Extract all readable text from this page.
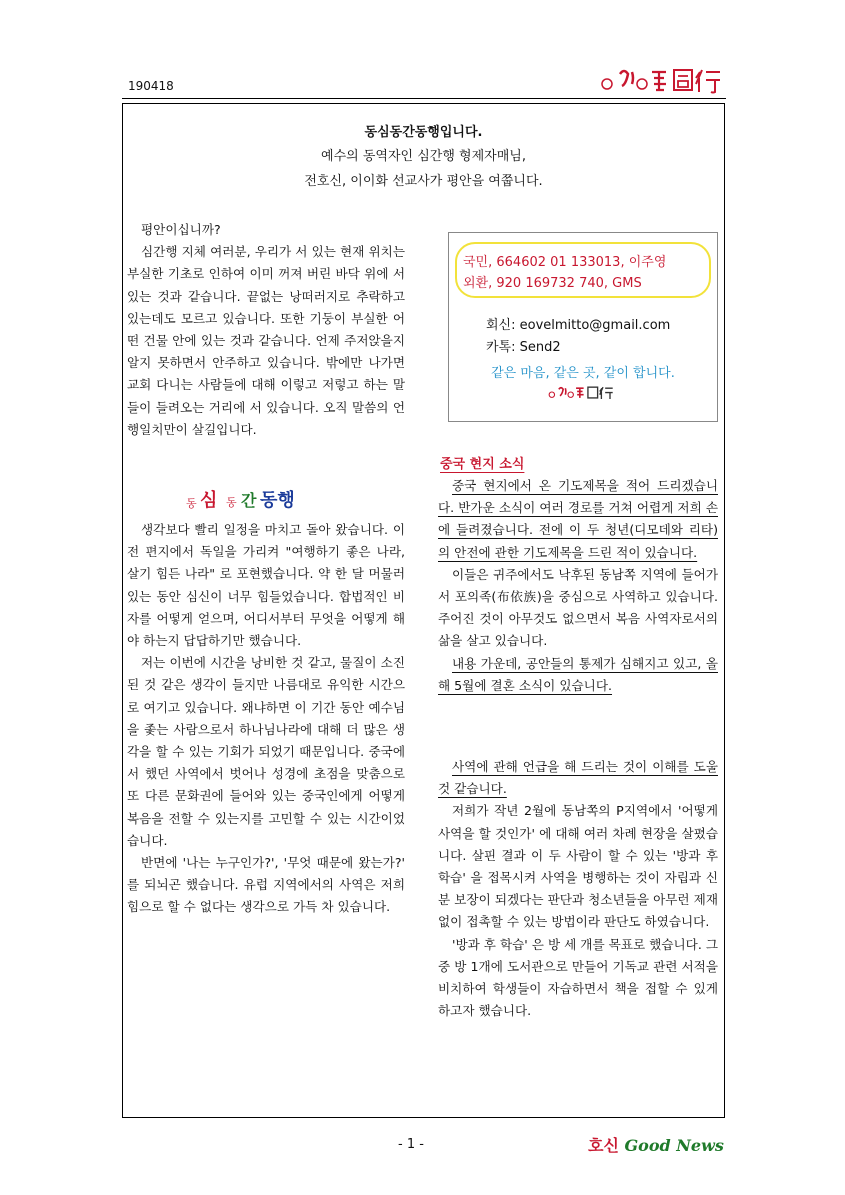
190418
동심동간동행입니다.
예수의 동역자인 심간행 형제자매님,
전호신, 이이화 선교사가 평안을 여쭙니다.

평안이십니까?

심간행 지체 여러분, 우리가 서 있는 현재 위치는 부실한 기초로 인하여 이미 꺼져 버린 바닥 위에 서 있는 것과 같습니다. 끝없는 낭떠러지로 추락하고 있는데도 모르고 있습니다. 또한 기둥이 부실한 어떤 건물 안에 있는 것과 같습니다. 언제 주저앉을지 알지 못하면서 안주하고 있습니다. 밖에만 나가면 교회 다니는 사람들에 대해 이렇고 저렇고 하는 말들이 들려오는 거리에 서 있습니다. 오직 말씀의 언행일치만이 살길입니다.

동 심 동 간 동행

생각보다 빨리 일정을 마치고 돌아 왔습니다. 이전 편지에서 독일을 가리켜 "여행하기 좋은 나라, 살기 힘든 나라" 로 포현했습니다. 약 한 달 머물러 있는 동안 심신이 너무 힘들었습니다. 합법적인 비자를 어떻게 얻으며, 어디서부터 무엇을 어떻게 해야 하는지 답답하기만 했습니다.

저는 이번에 시간을 낭비한 것 같고, 물질이 소진 된 것 같은 생각이 들지만 나름대로 유익한 시간으로 여기고 있습니다. 왜냐하면 이 기간 동안 예수님을 좇는 사람으로서 하나님나라에 대해 더 많은 생각을 할 수 있는 기회가 되었기 때문입니다. 중국에서 했던 사역에서 벗어나 성경에 초점을 맞춤으로 또 다른 문화권에 들어와 있는 중국인에게 어떻게 복음을 전할 수 있는지를 고민할 수 있는 시간이었습니다.

반면에 '나는 누구인가?', '무엇 때문에 왔는가?' 를 되뇌곤 했습니다. 유럽 지역에서의 사역은 저희 힘으로 할 수 없다는 생각으로 가득 차 있습니다.

국민, 664602 01 133013, 이주영
외환, 920 169732 740, GMS
회신: eovelmitto@gmail.com
카톡: Send2
같은 마음, 같은 곳, 같이 합니다.
중국 현지 소식

중국 현지에서 온 기도제목을 적어 드리겠습니다. 반가운 소식이 여러 경로를 거쳐 어렵게 저희 손에 들려졌습니다. 전에 이 두 청년(디모데와 리타)의 안전에 관한 기도제목을 드린 적이 있습니다.

이들은 귀주에서도 낙후된 동남쪽 지역에 들어가서 포의족(布依族)을 중심으로 사역하고 있습니다. 주어진 것이 아무것도 없으면서 복음 사역자로서의 삶을 살고 있습니다.

내용 가운데, 공안들의 통제가 심해지고 있고, 올해 5월에 결혼 소식이 있습니다.

사역에 관해 언급을 해 드리는 것이 이해를 도울 것 같습니다.

저희가 작년 2월에 동남쪽의 P지역에서 '어떻게 사역을 할 것인가' 에 대해 여러 차례 현장을 살폈습니다. 살핀 결과 이 두 사람이 할 수 있는 '방과 후 학습' 을 접목시켜 사역을 병행하는 것이 자립과 신분 보장이 되겠다는 판단과 청소년들을 아무런 제재 없이 접촉할 수 있는 방법이라 판단도 하였습니다.

'방과 후 학습' 은 방 세 개를 목표로 했습니다. 그 중 방 1개에 도서관으로 만들어 기독교 관련 서적을 비치하여 학생들이 자습하면서 책을 접할 수 있게 하고자 했습니다.

- 1 -	호신 Good News
